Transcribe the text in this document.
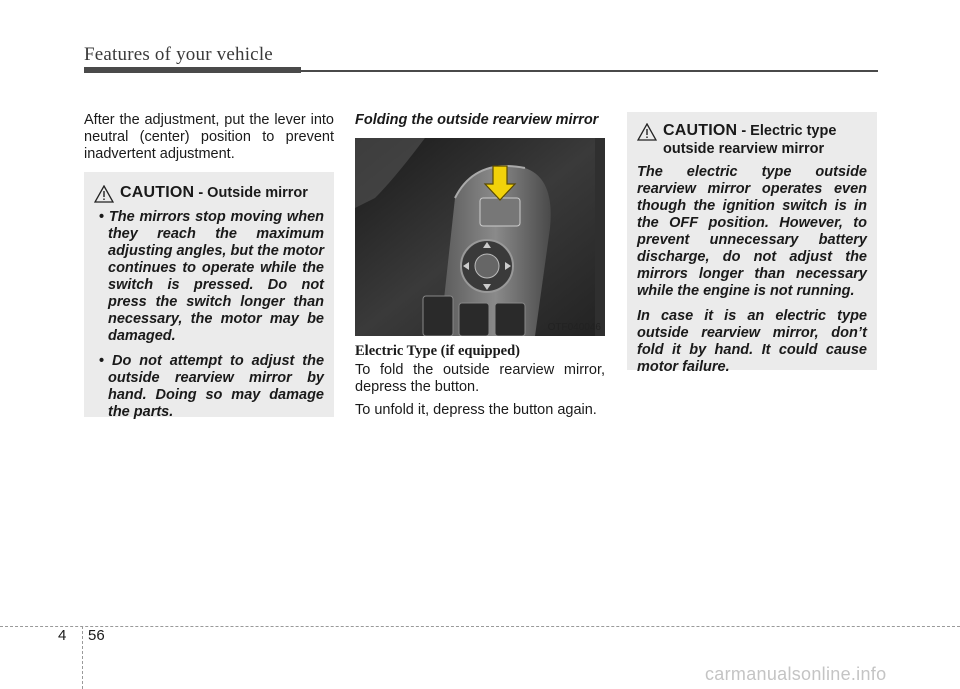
Features of your vehicle

After the adjustment, put the lever into neutral (center) position to prevent inadvertent adjustment.

CAUTION - Outside mirror
• The mirrors stop moving when they reach the maximum adjusting angles, but the motor continues to operate while the switch is pressed. Do not press the switch longer than necessary, the motor may be damaged.
• Do not attempt to adjust the outside rearview mirror by hand. Doing so may damage the parts.

Folding the outside rearview mirror

OTF040046
Electric Type (if equipped)

To fold the outside rearview mirror, depress the button.

To unfold it, depress the button again.

CAUTION - Electric type
outside rearview mirror

The electric type outside rearview mirror operates even though the ignition switch is in the OFF position. However, to prevent unnecessary battery discharge, do not adjust the mirrors longer than necessary while the engine is not running.

In case it is an electric type outside rearview mirror, don’t fold it by hand. It could cause motor failure.

4 56
carmanualsonline.info
